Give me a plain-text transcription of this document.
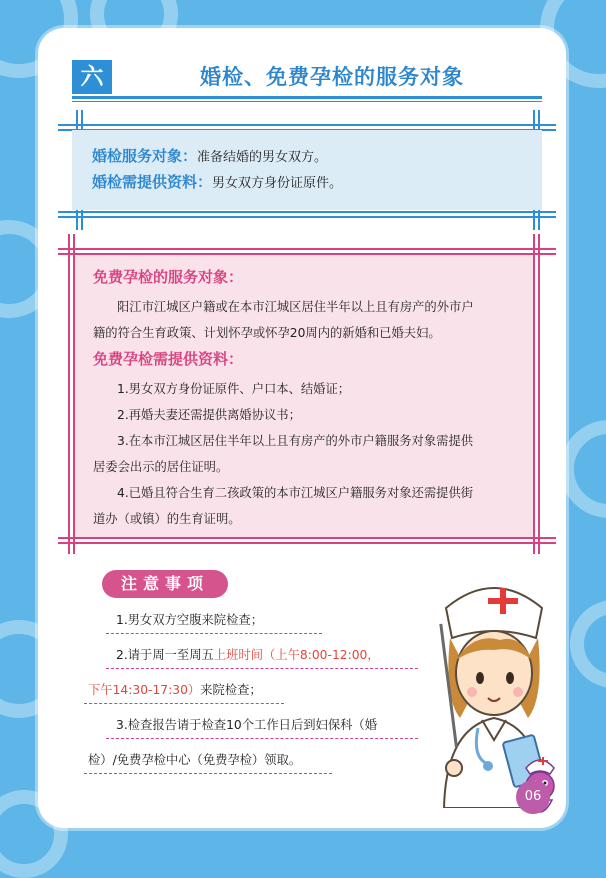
六	婚检、免费孕检的服务对象
婚检服务对象：准备结婚的男女双方。
婚检需提供资料：男女双方身份证原件。
免费孕检的服务对象：
阳江市江城区户籍或在本市江城区居住半年以上且有房产的外市户
籍的符合生育政策、计划怀孕或怀孕20周内的新婚和已婚夫妇。
免费孕检需提供资料：
1.男女双方身份证原件、户口本、结婚证；
2.再婚夫妻还需提供离婚协议书；
3.在本市江城区居住半年以上且有房产的外市户籍服务对象需提供
居委会出示的居住证明。
4.已婚且符合生育二孩政策的本市江城区户籍服务对象还需提供街
道办（或镇）的生育证明。
注意事项
1.男女双方空腹来院检查；
2.请于周一至周五上班时间（上午8:00-12:00，
下午14:30-17:30）来院检查；
3.检查报告请于检查10个工作日后到妇保科（婚
检）/免费孕检中心（免费孕检）领取。
06
